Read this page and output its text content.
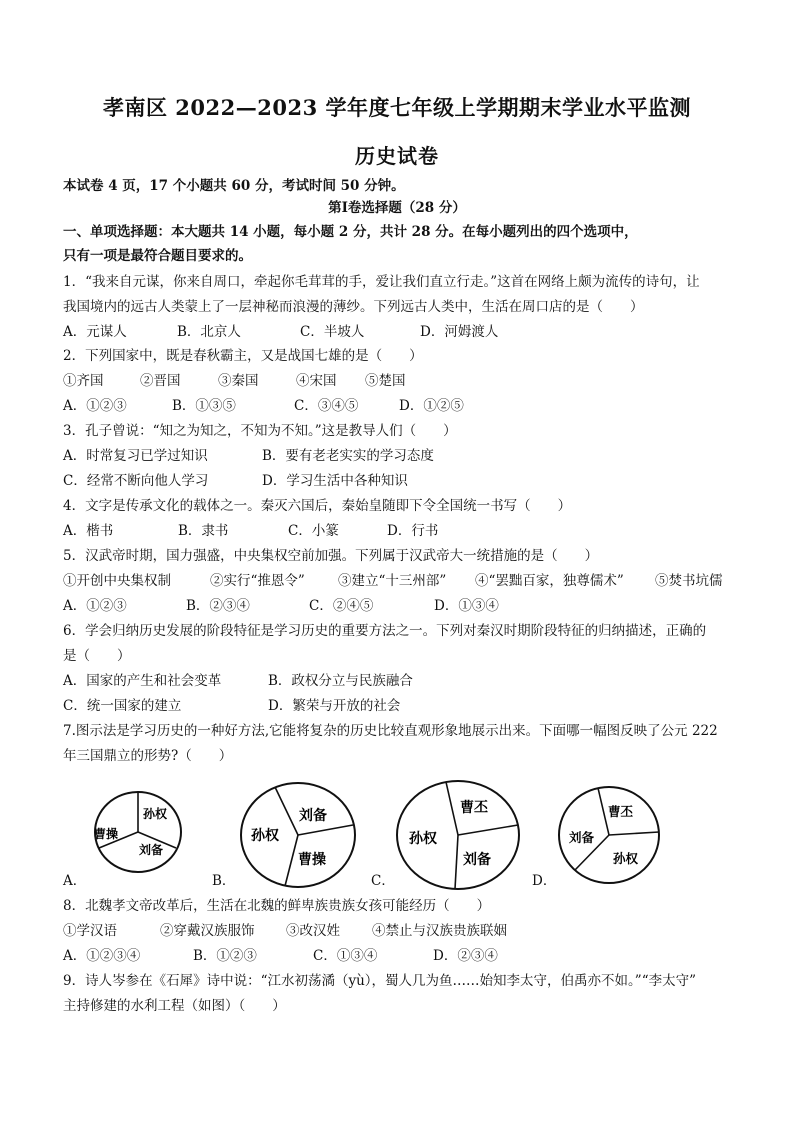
孝南区 2022—2023 学年度七年级上学期期末学业水平监测
历史试卷
本试卷 4 页，17 个小题共 60 分，考试时间 50 分钟。
第Ⅰ卷选择题（28 分）
一、单项选择题：本大题共 14 小题，每小题 2 分，共计 28 分。在每小题列出的四个选项中，
只有一项是最符合题目要求的。
1．“我来自元谋，你来自周口，牵起你毛茸茸的手，爱让我们直立行走。”这首在网络上颇为流传的诗句，让
我国境内的远古人类蒙上了一层神秘而浪漫的薄纱。下列远古人类中，生活在周口店的是（　　）
A．元谋人	B．北京人	C．半坡人	D．河姆渡人
2．下列国家中，既是春秋霸主，又是战国七雄的是（　　）
①齐国	②晋国	③秦国	④宋国 ⑤楚国
A．①②③	B．①③⑤	C．③④⑤	D．①②⑤
3．孔子曾说：“知之为知之，不知为不知。”这是教导人们（　　）
A．时常复习已学过知识	B．要有老老实实的学习态度
C．经常不断向他人学习	D．学习生活中各种知识
4．文字是传承文化的载体之一。秦灭六国后，秦始皇随即下令全国统一书写（　　）
A．楷书	B．隶书	C．小篆	D．行书
5．汉武帝时期，国力强盛，中央集权空前加强。下列属于汉武帝大一统措施的是（　　）
①开创中央集权制	②实行“推恩令” ③建立“十三州部” ④“罢黜百家，独尊儒术” ⑤焚书坑儒
A．①②③	B．②③④	C．②④⑤	D．①③④
6．学会归纳历史发展的阶段特征是学习历史的重要方法之一。下列对秦汉时期阶段特征的归纳描述，正确的
是（　　）
A．国家的产生和社会变革	B．政权分立与民族融合
C．统一国家的建立	D．繁荣与开放的社会
7.图示法是学习历史的一种好方法,它能将复杂的历史比较直观形象地展示出来。下面哪一幅图反映了公元 222
年三国鼎立的形势?（　　）
孙权
曹操
刘备
刘备
孙权
曹操
曹丕
孙权
刘备
曹丕
刘备
孙权
A．	B．	C．	D．
8．北魏孝文帝改革后，生活在北魏的鲜卑族贵族女孩可能经历（　　）
①学汉语	②穿戴汉族服饰 ③改汉姓 ④禁止与汉族贵族联姻
A．①②③④	B．①②③	C．①③④	D．②③④
9．诗人岑参在《石犀》诗中说：“江水初荡潏（yù），蜀人几为鱼……始知李太守，伯禹亦不如。”“李太守”
主持修建的水利工程（如图）（　　）
